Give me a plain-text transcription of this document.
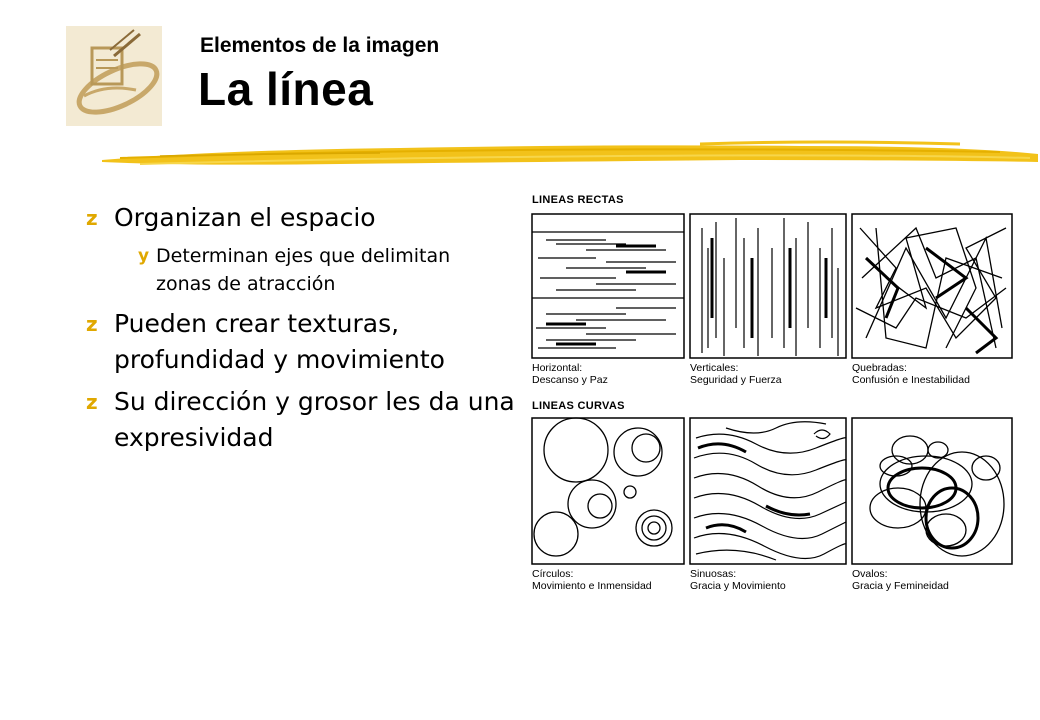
Elementos de la imagen
La línea
z Organizan el espacio
y Determinan ejes que delimitan zonas de atracción
z Pueden crear texturas, profundidad y movimiento
z Su dirección y grosor les da una expresividad
LINEAS RECTAS
LINEAS CURVAS
Horizontal:
Descanso y Paz
Verticales:
Seguridad y Fuerza
Quebradas:
Confusión e Inestabilidad
Círculos:
Movimiento e Inmensidad
Sinuosas:
Gracia y Movimiento
Ovalos:
Gracia y Femineidad
